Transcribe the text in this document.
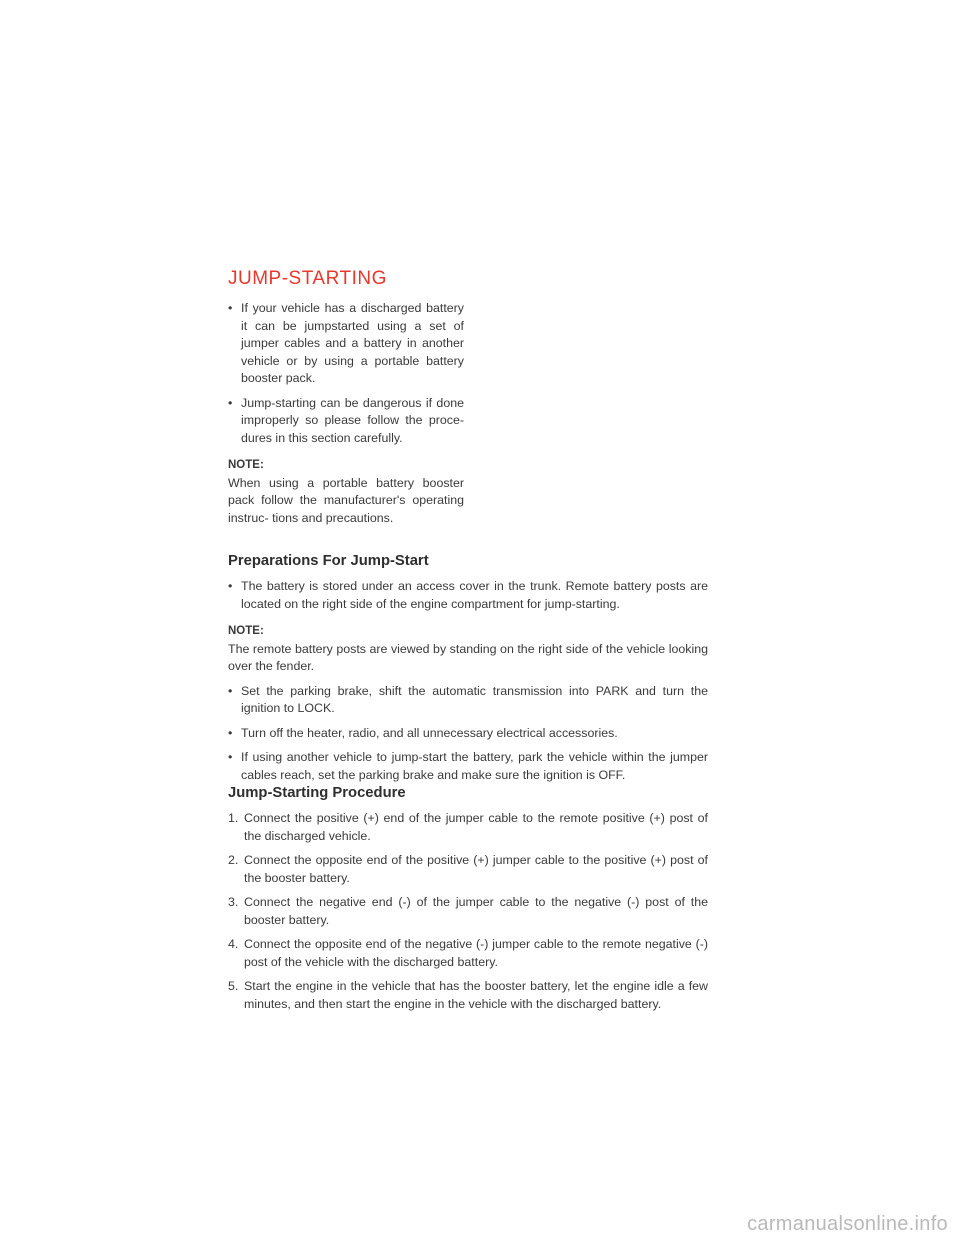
JUMP-STARTING
• If your vehicle has a discharged battery it can be jumpstarted using a set of jumper cables and a battery in another vehicle or by using a portable battery booster pack.
• Jump-starting can be dangerous if done improperly so please follow the proce- dures in this section carefully.

NOTE:

When using a portable battery booster pack follow the manufacturer's operating instruc- tions and precautions.

Preparations For Jump-Start
• The battery is stored under an access cover in the trunk. Remote battery posts are located on the right side of the engine compartment for jump-starting.

NOTE:

The remote battery posts are viewed by standing on the right side of the vehicle looking over the fender.

• Set the parking brake, shift the automatic transmission into PARK and turn the ignition to LOCK.
• Turn off the heater, radio, and all unnecessary electrical accessories.
• If using another vehicle to jump-start the battery, park the vehicle within the jumper cables reach, set the parking brake and make sure the ignition is OFF.
Jump-Starting Procedure
1. Connect the positive (+) end of the jumper cable to the remote positive (+) post of the discharged vehicle.
2. Connect the opposite end of the positive (+) jumper cable to the positive (+) post of the booster battery.
3. Connect the negative end (-) of the jumper cable to the negative (-) post of the booster battery.
4. Connect the opposite end of the negative (-) jumper cable to the remote negative (-) post of the vehicle with the discharged battery.
5. Start the engine in the vehicle that has the booster battery, let the engine idle a few minutes, and then start the engine in the vehicle with the discharged battery.
carmanualsonline.info
